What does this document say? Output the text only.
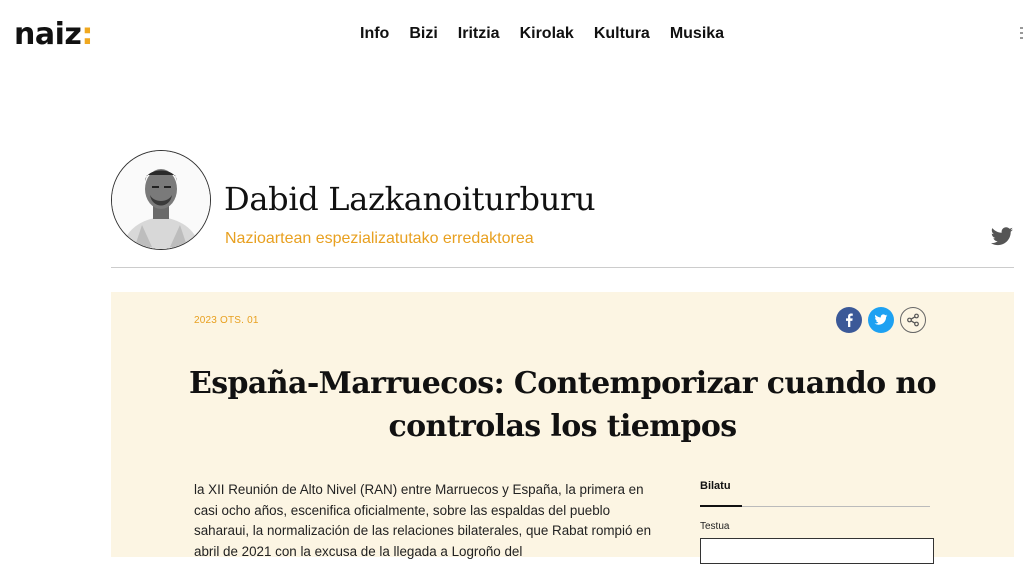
naiz:	Info Bizi Iritzia Kirolak Kultura Musika
Dabid Lazkanoiturburu
Nazioartean espezializatutako erredaktorea
2023 OTS. 01
España-Marruecos: Contemporizar cuando no
controlas los tiempos
la XII Reunión de Alto Nivel (RAN) entre Marruecos y España, la primera en casi ocho años, escenifica oficialmente, sobre las espaldas del pueblo saharaui, la normalización de las relaciones bilaterales, que Rabat rompió en abril de 2021 con la excusa de la llegada a Logroño del
Bilatu
Testua
